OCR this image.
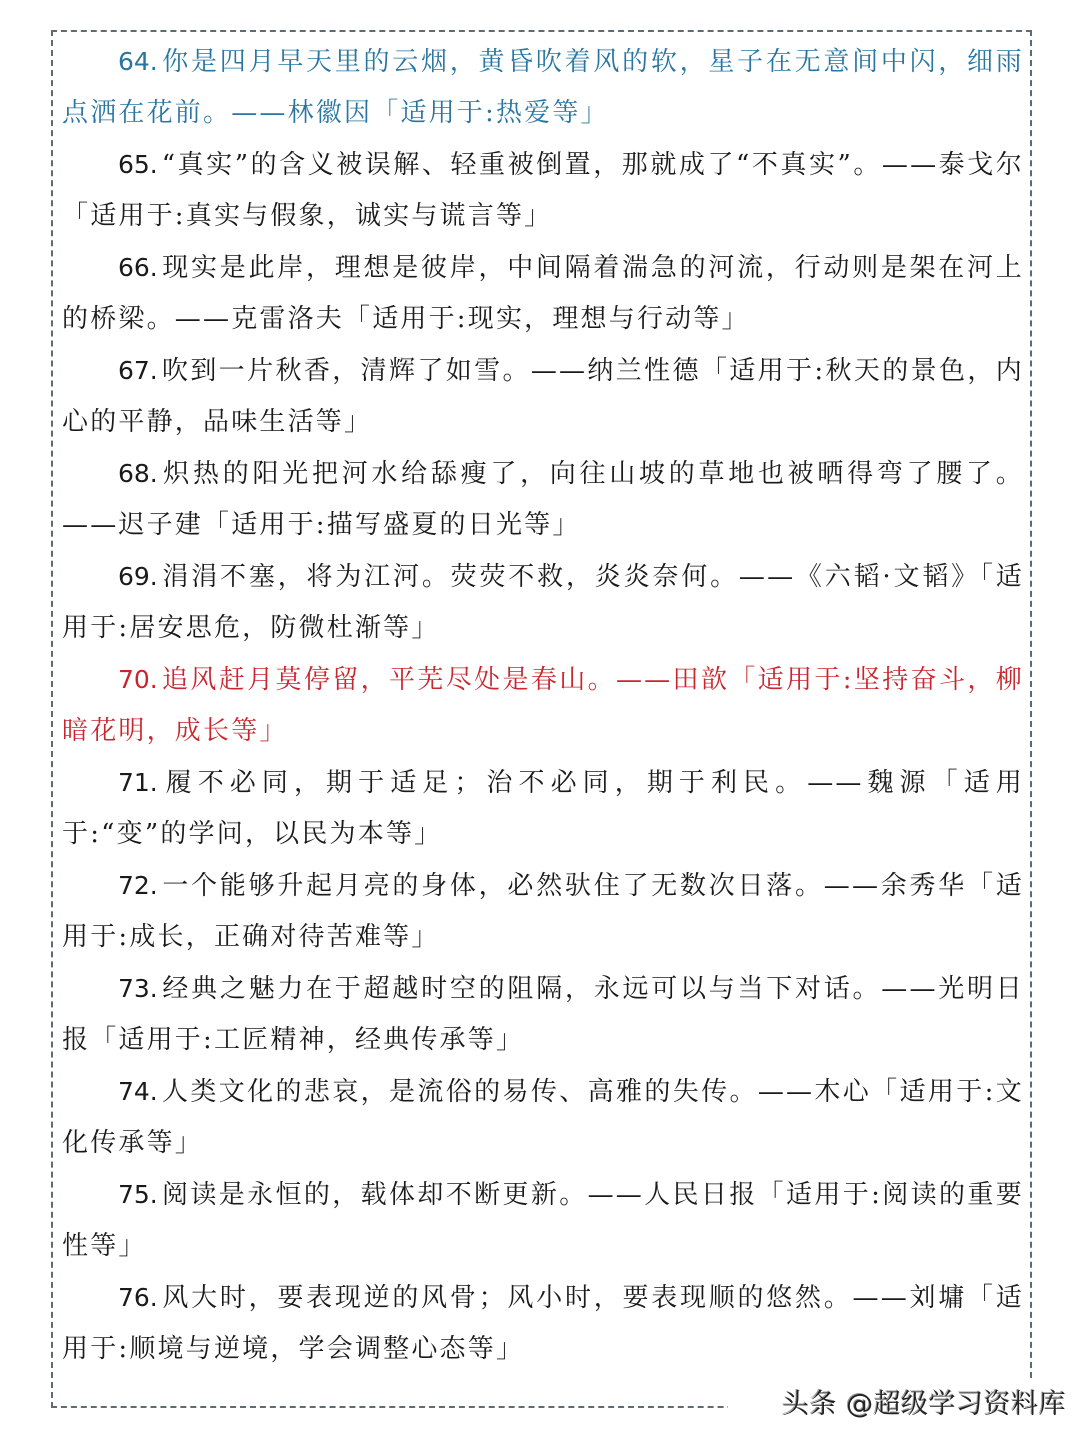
64. 你是四月早天里的云烟，黄昏吹着风的软，星子在无意间中闪，细雨点洒在花前。——林徽因「适用于:热爱等」

65. “真实”的含义被误解、轻重被倒置，那就成了“不真实”。——泰戈尔「适用于:真实与假象，诚实与谎言等」

66. 现实是此岸，理想是彼岸，中间隔着湍急的河流，行动则是架在河上的桥梁。——克雷洛夫「适用于:现实，理想与行动等」

67. 吹到一片秋香，清辉了如雪。——纳兰性德「适用于:秋天的景色，内心的平静，品味生活等」

68. 炽热的阳光把河水给舔瘦了，向往山坡的草地也被晒得弯了腰了。——迟子建「适用于:描写盛夏的日光等」

69. 涓涓不塞，将为江河。荧荧不救，炎炎奈何。——《六韬·文韬》「适用于:居安思危，防微杜渐等」

70. 追风赶月莫停留，平芜尽处是春山。——田歆「适用于:坚持奋斗，柳暗花明，成长等」

71. 履不必同，期于适足；治不必同，期于利民。——魏源「适用于:“变”的学问，以民为本等」

72. 一个能够升起月亮的身体，必然驮住了无数次日落。——余秀华「适用于:成长，正确对待苦难等」

73. 经典之魅力在于超越时空的阻隔，永远可以与当下对话。——光明日报「适用于:工匠精神，经典传承等」

74. 人类文化的悲哀，是流俗的易传、高雅的失传。——木心「适用于:文化传承等」

75. 阅读是永恒的，载体却不断更新。——人民日报「适用于:阅读的重要性等」

76. 风大时，要表现逆的风骨；风小时，要表现顺的悠然。——刘墉「适用于:顺境与逆境，学会调整心态等」

头条 @超级学习资料库
